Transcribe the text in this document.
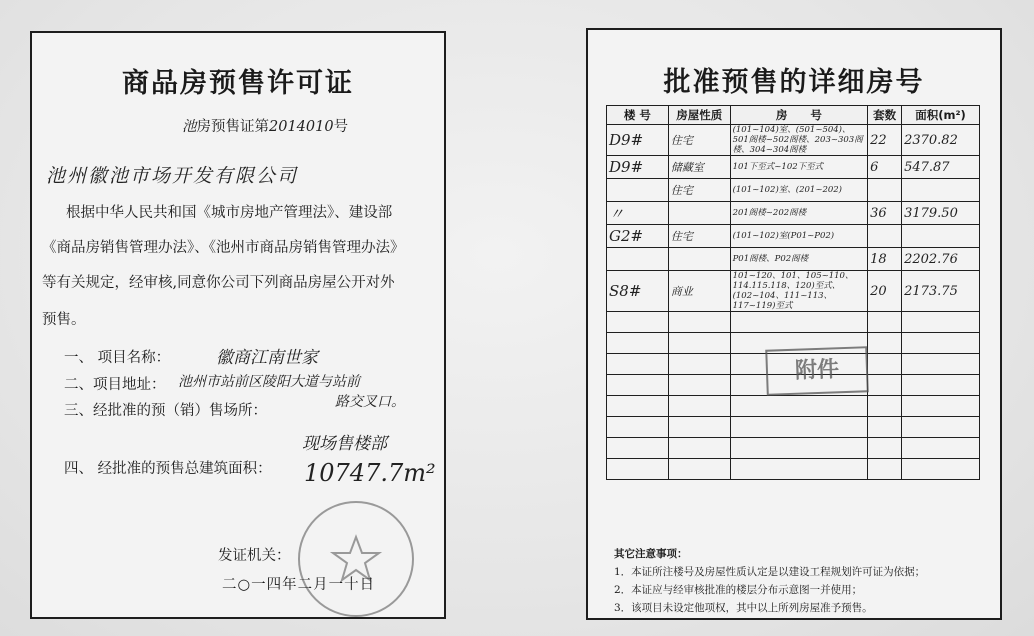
商品房预售许可证
池房预售证第2014010号
池州徽池市场开发有限公司
根据中华人民共和国《城市房地产管理法》、建设部
《商品房销售管理办法》、《池州市商品房销售管理办法》
等有关规定，经审核,同意你公司下列商品房屋公开对外
预售。
一、 项目名称：	徽商江南世家
二、项目地址： 池州市站前区陵阳大道与站前
路交叉口。
三、经批准的预（销）售场所：
现场售楼部
四、 经批准的预售总建筑面积： 10747.7m²
发证机关：
二○一四年二月一十日
批准预售的详细房号
楼 号	房屋性质	房　　号	套数	面积(m²)
D9#	住宅	(101~104)室、(501~504)、501阁楼~502阁楼、203~303阁楼、304~304阁楼	22	2370.82
D9#	储藏室	101下至式~102下至式	6	547.87
	住宅	(101~102)室、(201~202)		
〃		201阁楼~202阁楼	36	3179.50
G2#	住宅	(101~102)室(P01~P02)		
		P01阁楼、P02阁楼	18	2202.76
S8#	商业	101~120、101、105~110、114.115.118、120)至式、(102~104、111~113、117~119)至式	20	2173.75

附件
其它注意事项：
1．本证所注楼号及房屋性质认定是以建设工程规划许可证为依据；
2．本证应与经审核批准的楼层分布示意图一并使用；
3．该项目未设定他项权，其中以上所列房屋准予预售。
